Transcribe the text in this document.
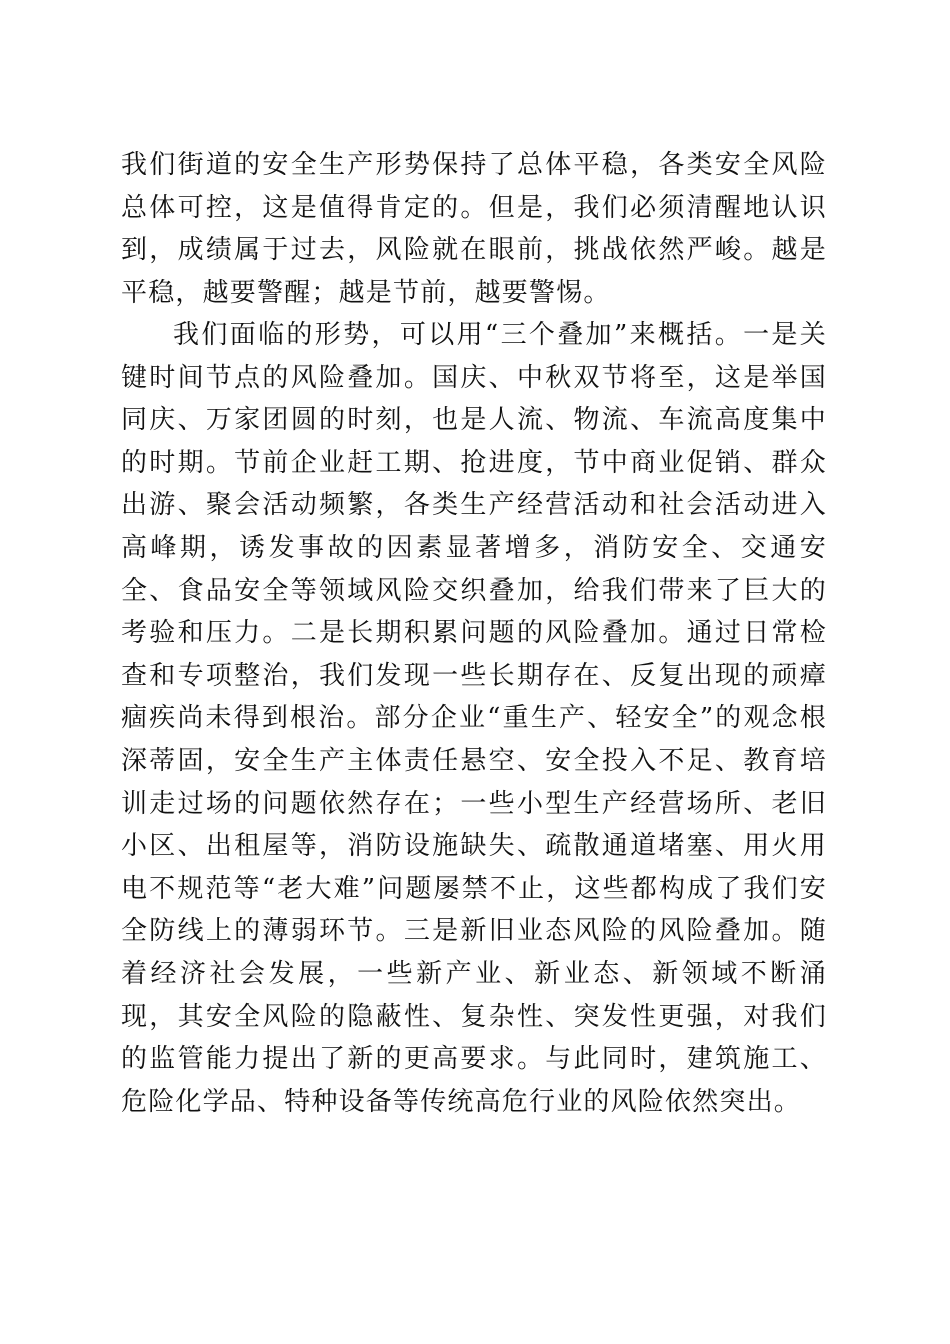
我们街道的安全生产形势保持了总体平稳，各类安全风险总体可控，这是值得肯定的。但是，我们必须清醒地认识到，成绩属于过去，风险就在眼前，挑战依然严峻。越是平稳，越要警醒；越是节前，越要警惕。

我们面临的形势，可以用“三个叠加”来概括。一是关键时间节点的风险叠加。国庆、中秋双节将至，这是举国同庆、万家团圆的时刻，也是人流、物流、车流高度集中的时期。节前企业赶工期、抢进度，节中商业促销、群众出游、聚会活动频繁，各类生产经营活动和社会活动进入高峰期，诱发事故的因素显著增多，消防安全、交通安全、食品安全等领域风险交织叠加，给我们带来了巨大的考验和压力。二是长期积累问题的风险叠加。通过日常检查和专项整治，我们发现一些长期存在、反复出现的顽瘴痼疾尚未得到根治。部分企业“重生产、轻安全”的观念根深蒂固，安全生产主体责任悬空、安全投入不足、教育培训走过场的问题依然存在；一些小型生产经营场所、老旧小区、出租屋等，消防设施缺失、疏散通道堵塞、用火用电不规范等“老大难”问题屡禁不止，这些都构成了我们安全防线上的薄弱环节。三是新旧业态风险的风险叠加。随着经济社会发展，一些新产业、新业态、新领域不断涌现，其安全风险的隐蔽性、复杂性、突发性更强，对我们的监管能力提出了新的更高要求。与此同时，建筑施工、危险化学品、特种设备等传统高危行业的风险依然突出。
